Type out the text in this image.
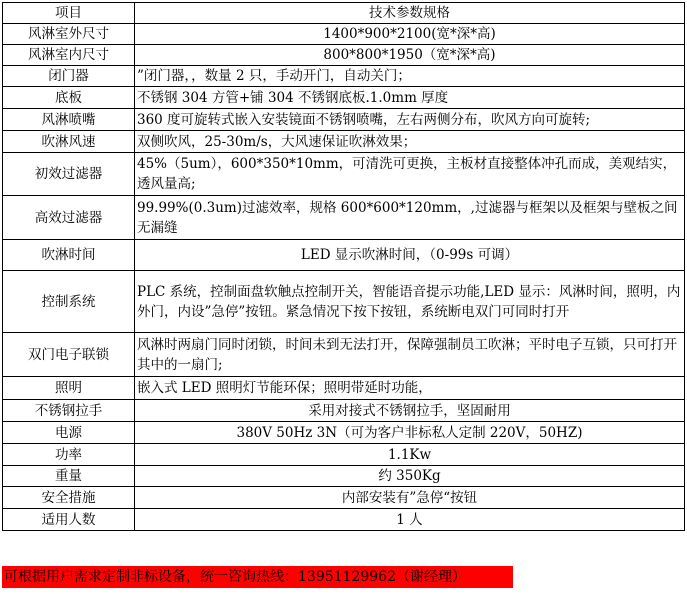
项目	技术参数规格
风淋室外尺寸	1400*900*2100(宽*深*高)
风淋室内尺寸	800*800*1950（宽*深*高)
闭门器	”闭门器，，数量 2 只，手动开门，自动关门；
底板	不锈钢 304 方管+铺 304 不锈钢底板.1.0mm 厚度
风淋喷嘴	360 度可旋转式嵌入安装镜面不锈钢喷嘴，左右两侧分布，吹风方向可旋转;
吹淋风速	双侧吹风，25-30m/s，大风速保证吹淋效果；
初效过滤器	45%（5um），600*350*10mm，可清洗可更换，主板材直接整体冲孔而成，美观结实，透风量高;
高效过滤器	99.99%(0.3um)过滤效率，规格 600*600*120mm，,过滤器与框架以及框架与壁板之间无漏缝
吹淋时间	LED 显示吹淋时间，（0-99s 可调）
控制系统	PLC 系统，控制面盘软触点控制开关，智能语音提示功能,LED 显示：风淋时间，照明，内外门，内设”急停”按钮。紧急情况下按下按钮，系统断电双门可同时打开
双门电子联锁	风淋时两扇门同时闭锁，时间未到无法打开，保障强制员工吹淋；平时电子互锁，只可打开其中的一扇门;
照明	嵌入式 LED 照明灯节能环保；照明带延时功能，
不锈钢拉手	采用对接式不锈钢拉手，坚固耐用
电源	380V 50Hz 3N（可为客户非标私人定制 220V，50HZ)
功率	1.1Kw
重量	约 350Kg
安全措施	内部安装有”急停“按钮
适用人数	1 人
可根据用户需求定制非标设备，统一咨询热线：13951129962（谢经理）
